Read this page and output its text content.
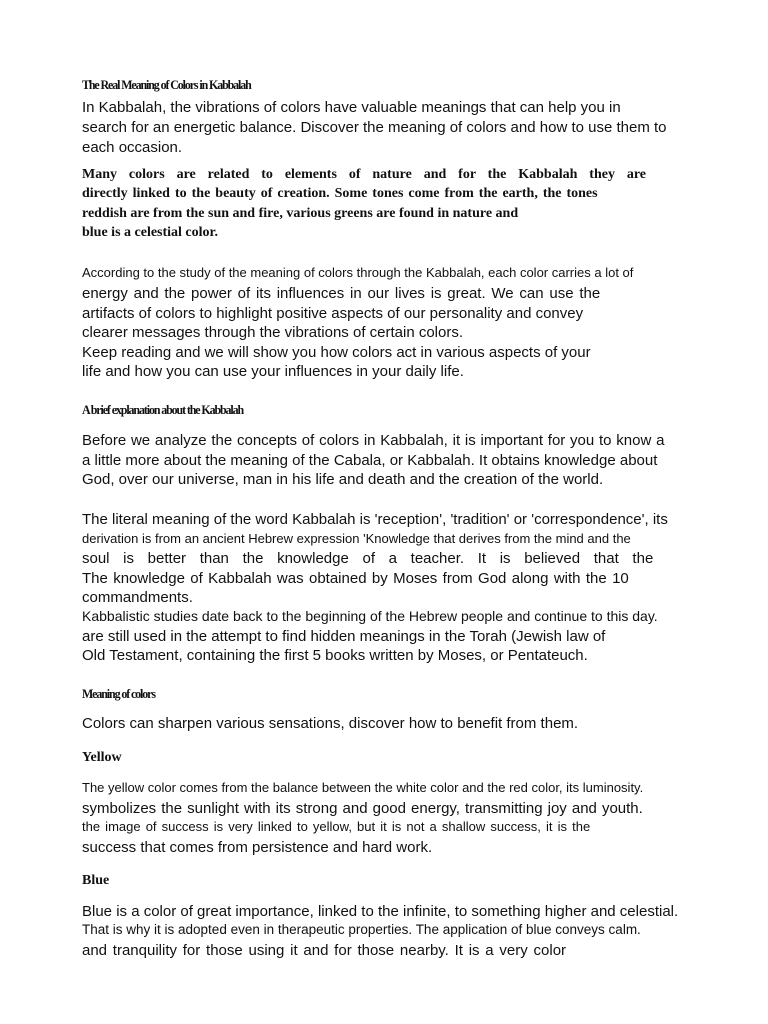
The Real Meaning of Colors in Kabbalah
In Kabbalah, the vibrations of colors have valuable meanings that can help you in
search for an energetic balance. Discover the meaning of colors and how to use them to
each occasion.
Many colors are related to elements of nature and for the Kabbalah they are
directly linked to the beauty of creation. Some tones come from the earth, the tones
reddish are from the sun and fire, various greens are found in nature and
blue is a celestial color.
According to the study of the meaning of colors through the Kabbalah, each color carries a lot of
energy and the power of its influences in our lives is great. We can use the
artifacts of colors to highlight positive aspects of our personality and convey
clearer messages through the vibrations of certain colors.
Keep reading and we will show you how colors act in various aspects of your
life and how you can use your influences in your daily life.
A brief explanation about the Kabbalah
Before we analyze the concepts of colors in Kabbalah, it is important for you to know a
a little more about the meaning of the Cabala, or Kabbalah. It obtains knowledge about
God, over our universe, man in his life and death and the creation of the world.
The literal meaning of the word Kabbalah is 'reception', 'tradition' or 'correspondence', its
derivation is from an ancient Hebrew expression 'Knowledge that derives from the mind and the
soul is better than the knowledge of a teacher. It is believed that the
The knowledge of Kabbalah was obtained by Moses from God along with the 10
commandments.
Kabbalistic studies date back to the beginning of the Hebrew people and continue to this day.
are still used in the attempt to find hidden meanings in the Torah (Jewish law of
Old Testament, containing the first 5 books written by Moses, or Pentateuch.
Meaning of colors
Colors can sharpen various sensations, discover how to benefit from them.
Yellow
The yellow color comes from the balance between the white color and the red color, its luminosity.
symbolizes the sunlight with its strong and good energy, transmitting joy and youth.
the image of success is very linked to yellow, but it is not a shallow success, it is the
success that comes from persistence and hard work.
Blue
Blue is a color of great importance, linked to the infinite, to something higher and celestial.
That is why it is adopted even in therapeutic properties. The application of blue conveys calm.
and tranquility for those using it and for those nearby. It is a very color
